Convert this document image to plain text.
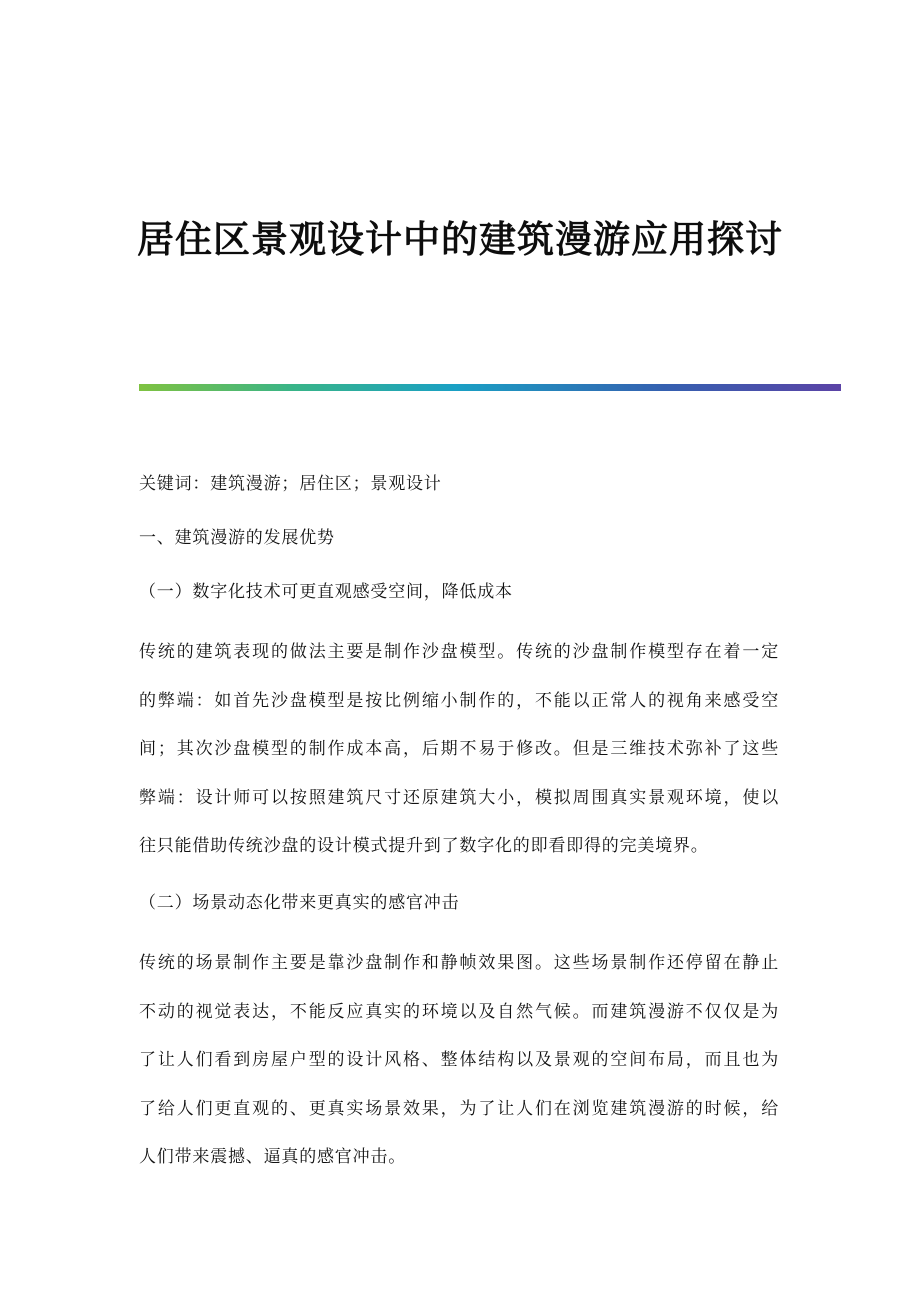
居住区景观设计中的建筑漫游应用探讨

关键词：建筑漫游；居住区；景观设计

一、建筑漫游的发展优势

（一）数字化技术可更直观感受空间，降低成本

传统的建筑表现的做法主要是制作沙盘模型。传统的沙盘制作模型存在着一定
的弊端：如首先沙盘模型是按比例缩小制作的，不能以正常人的视角来感受空
间；其次沙盘模型的制作成本高，后期不易于修改。但是三维技术弥补了这些
弊端：设计师可以按照建筑尺寸还原建筑大小，模拟周围真实景观环境，使以
往只能借助传统沙盘的设计模式提升到了数字化的即看即得的完美境界。

（二）场景动态化带来更真实的感官冲击

传统的场景制作主要是靠沙盘制作和静帧效果图。这些场景制作还停留在静止
不动的视觉表达，不能反应真实的环境以及自然气候。而建筑漫游不仅仅是为
了让人们看到房屋户型的设计风格、整体结构以及景观的空间布局，而且也为
了给人们更直观的、更真实场景效果，为了让人们在浏览建筑漫游的时候，给
人们带来震撼、逼真的感官冲击。
